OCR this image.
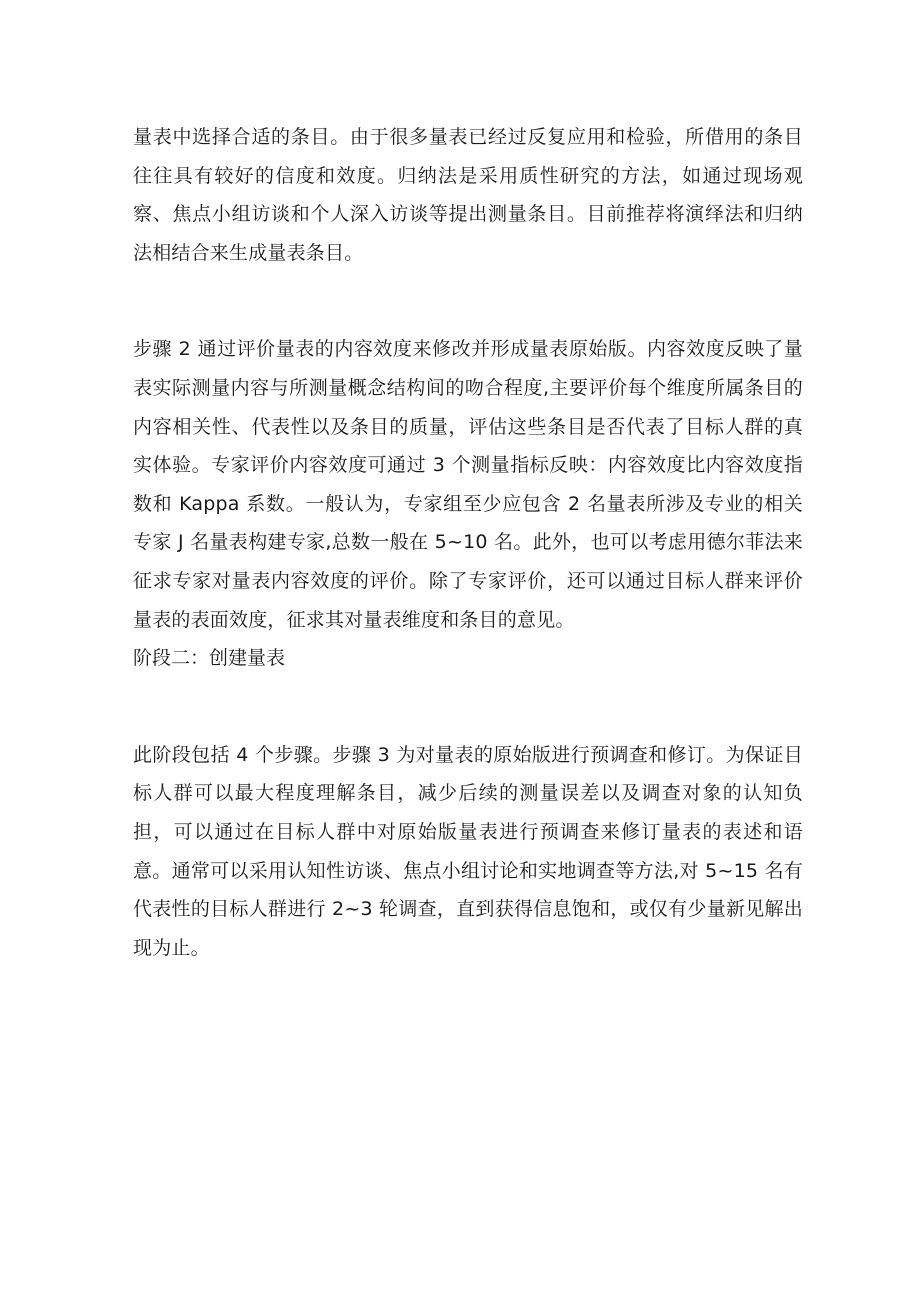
量表中选择合适的条目。由于很多量表已经过反复应用和检验，所借用的条目往往具有较好的信度和效度。归纳法是采用质性研究的方法，如通过现场观察、焦点小组访谈和个人深入访谈等提出测量条目。目前推荐将演绎法和归纳法相结合来生成量表条目。

步骤 2 通过评价量表的内容效度来修改并形成量表原始版。内容效度反映了量表实际测量内容与所测量概念结构间的吻合程度,主要评价每个维度所属条目的内容相关性、代表性以及条目的质量，评估这些条目是否代表了目标人群的真实体验。专家评价内容效度可通过 3 个测量指标反映：内容效度比内容效度指数和 Kappa 系数。一般认为，专家组至少应包含 2 名量表所涉及专业的相关专家 J 名量表构建专家,总数一般在 5~10 名。此外，也可以考虑用德尔菲法来征求专家对量表内容效度的评价。除了专家评价，还可以通过目标人群来评价量表的表面效度，征求其对量表维度和条目的意见。

阶段二：创建量表

此阶段包括 4 个步骤。步骤 3 为对量表的原始版进行预调查和修订。为保证目标人群可以最大程度理解条目，减少后续的测量误差以及调查对象的认知负担，可以通过在目标人群中对原始版量表进行预调查来修订量表的表述和语意。通常可以采用认知性访谈、焦点小组讨论和实地调查等方法,对 5~15 名有代表性的目标人群进行 2~3 轮调查，直到获得信息饱和，或仅有少量新见解出现为止。
